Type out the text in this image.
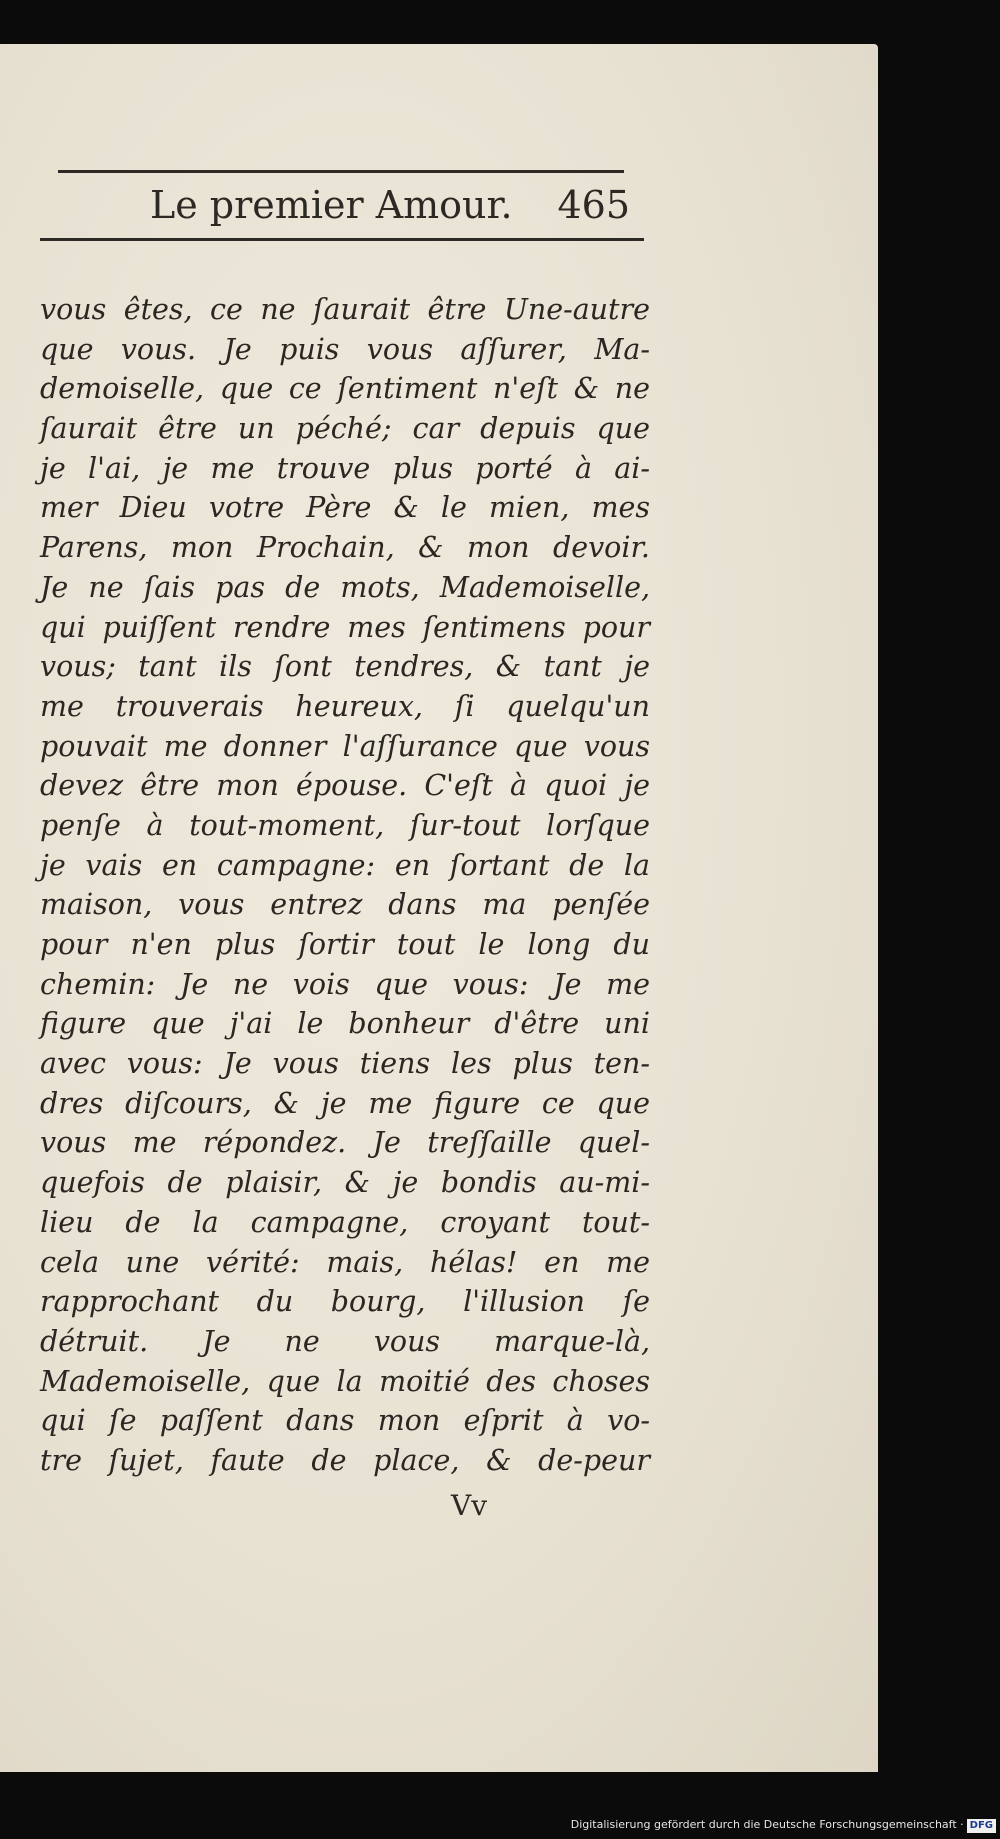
Le premier Amour. 465
vous êtes, ce ne ſaurait être Une-autre
que vous. Je puis vous aſſurer, Ma-
demoiselle, que ce ſentiment n'eſt & ne
ſaurait être un péché; car depuis que
je l'ai, je me trouve plus porté à ai-
mer Dieu votre Père & le mien, mes
Parens, mon Prochain, & mon devoir.
Je ne ſais pas de mots, Mademoiselle,
qui puiſſent rendre mes ſentimens pour
vous; tant ils ſont tendres, & tant je
me trouverais heureux, ſi quelqu'un
pouvait me donner l'aſſurance que vous
devez être mon épouse. C'eſt à quoi je
penſe à tout-moment, ſur-tout lorſque
je vais en campagne: en ſortant de la
maison, vous entrez dans ma penſée
pour n'en plus ſortir tout le long du
chemin: Je ne vois que vous: Je me
figure que j'ai le bonheur d'être uni
avec vous: Je vous tiens les plus ten-
dres diſcours, & je me figure ce que
vous me répondez. Je treſſaille quel-
quefois de plaisir, & je bondis au-mi-
lieu de la campagne, croyant tout-
cela une vérité: mais, hélas! en me
rapprochant du bourg, l'illusion ſe
détruit. Je ne vous marque-là,
Mademoiselle, que la moitié des choses
qui ſe paſſent dans mon eſprit à vo-
tre ſujet, faute de place, & de-peur
Vv
Digitalisierung gefördert durch die Deutsche Forschungsgemeinschaft · DFG
